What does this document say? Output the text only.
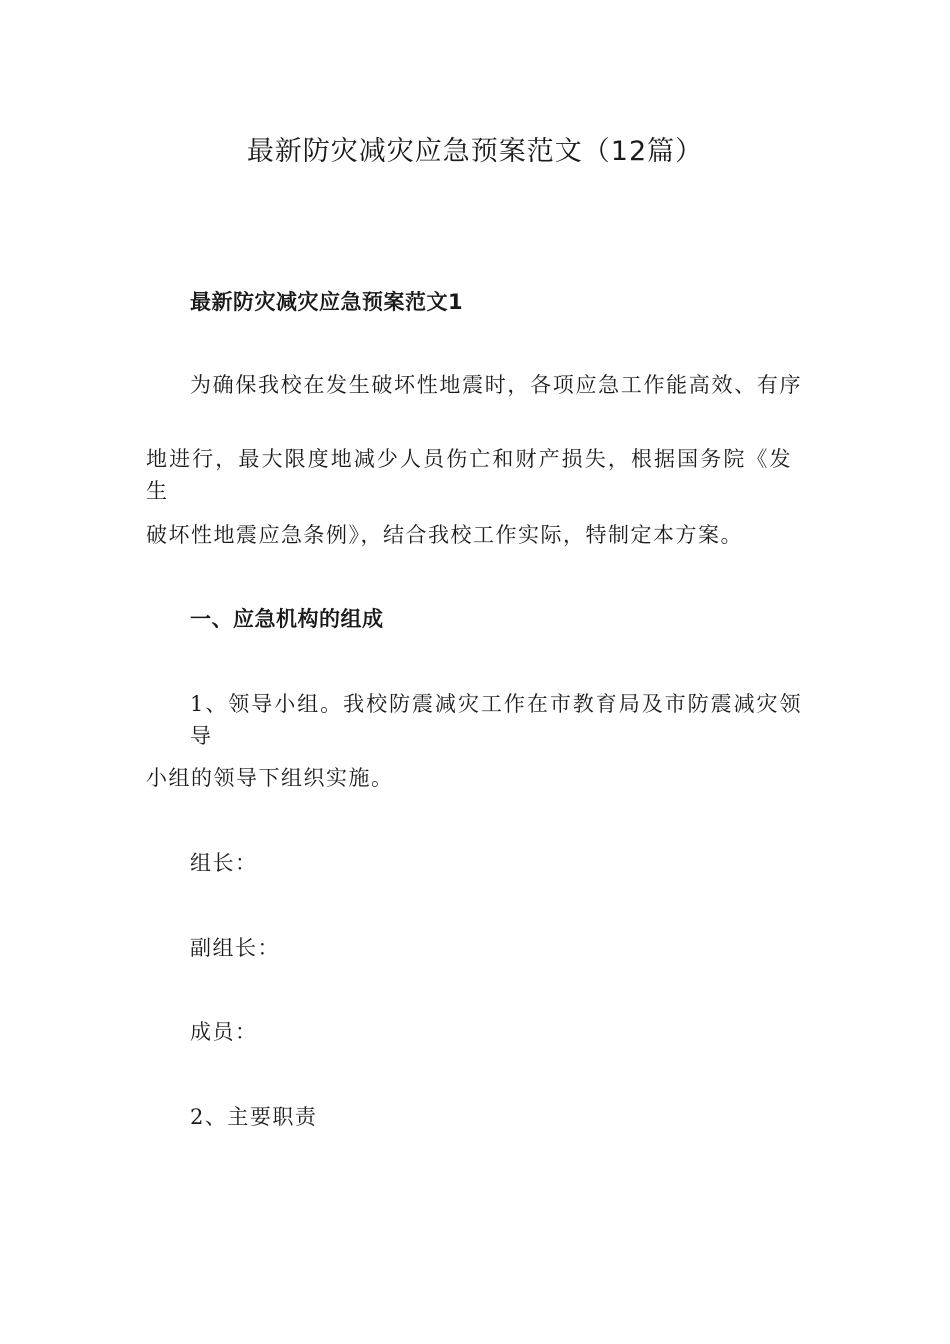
最新防灾减灾应急预案范文（12篇）

最新防灾减灾应急预案范文1

为确保我校在发生破坏性地震时，各项应急工作能高效、有序

地进行，最大限度地减少人员伤亡和财产损失，根据国务院《发生

破坏性地震应急条例》，结合我校工作实际，特制定本方案。

一、应急机构的组成

1、领导小组。我校防震减灾工作在市教育局及市防震减灾领导

小组的领导下组织实施。

组长：

副组长：

成员：

2、主要职责
